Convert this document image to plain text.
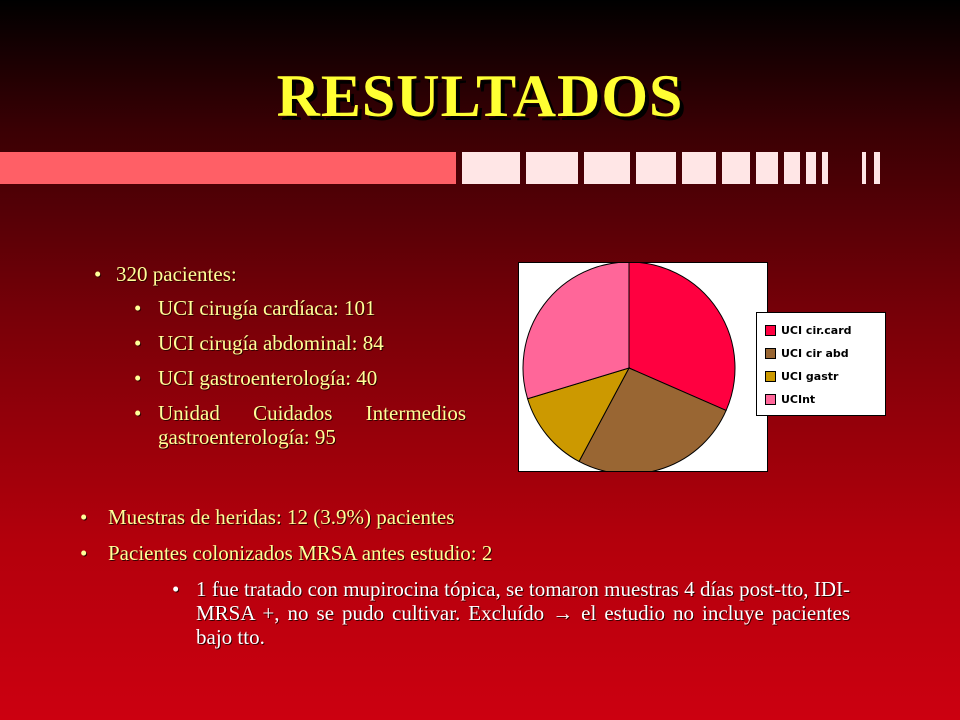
RESULTADOS
• 320 pacientes:
• UCI cirugía cardíaca: 101
• UCI cirugía abdominal: 84
• UCI gastroenterología: 40
• Unidad Cuidados Intermedios gastroenterología: 95
UCI cir.card
UCI cir abd
UCI gastr
UCInt
• Muestras de heridas: 12 (3.9%) pacientes
• Pacientes colonizados MRSA antes estudio: 2
• 1 fue tratado con mupirocina tópica, se tomaron muestras 4 días post-tto, IDI-MRSA +, no se pudo cultivar. Excluído → el estudio no incluye pacientes bajo tto.
